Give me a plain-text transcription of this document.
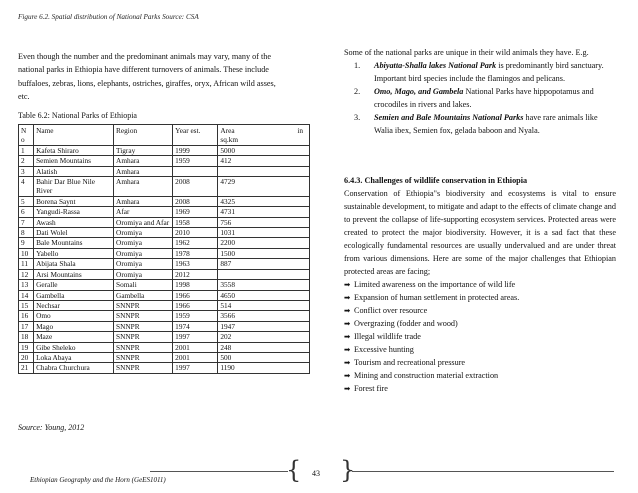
Figure 6.2. Spatial distribution of National Parks Source: CSA

Even though the number and the predominant animals may vary, many of the national parks in Ethiopia have different turnovers of animals. These include buffaloes, zebras, lions, elephants, ostriches, giraffes, oryx, African wild asses, etc.

Table 6.2: National Parks of Ethiopia
N o	Name	Region	Year est.	Area in
sq.km

1	Kafeta Shiraro	Tigray	1999	5000
2	Semien Mountains	Amhara	1959	412
3	Alatish	Amhara		
4	Bahir Dar Blue Nile River	Amhara	2008	4729
5	Borena Saynt	Amhara	2008	4325
6	Yangudi-Rassa	Afar	1969	4731
7	Awash	Oromiya and Afar	1958	756
8	Dati Wolel	Oromiya	2010	1031
9	Bale Mountains	Oromiya	1962	2200
10	Yabello	Oromiya	1978	1500
11	Abijata Shala	Oromiya	1963	887
12	Arsi Mountains	Oromiya	2012	
13	Geralle	Somali	1998	3558
14	Gambella	Gambella	1966	4650
15	Nechsar	SNNPR	1966	514
16	Omo	SNNPR	1959	3566
17	Mago	SNNPR	1974	1947
18	Maze	SNNPR	1997	202
19	Gibe Sheleko	SNNPR	2001	248
20	Loka Abaya	SNNPR	2001	500
21	Chabra Churchura	SNNPR	1997	1190
Source: Young, 2012

Some of the national parks are unique in their wild animals they have. E.g.

1.	Abiyatta-Shalla lakes National Park is predominantly bird sanctuary. Important bird species include the flamingos and pelicans.
2.	Omo, Mago, and Gambela National Parks have hippopotamus and crocodiles in rivers and lakes.
3.	Semien and Bale Mountains National Parks have rare animals like Walia ibex, Semien fox, gelada baboon and Nyala.
6.4.3. Challenges of wildlife conservation in Ethiopia

Conservation of Ethiopia"s biodiversity and ecosystems is vital to ensure sustainable development, to mitigate and adapt to the effects of climate change and to prevent the collapse of life-supporting ecosystem services. Protected areas were created to protect the major biodiversity. However, it is a sad fact that these ecologically fundamental resources are usually undervalued and are under threat from various dimensions. Here are some of the major challenges that Ethiopian protected areas are facing;

➡ Limited awareness on the importance of wild life
➡ Expansion of human settlement in protected areas.
➡ Conflict over resource
➡ Overgrazing (fodder and wood)
➡ Illegal wildlife trade
➡ Excessive hunting
➡ Tourism and recreational pressure
➡ Mining and construction material extraction
➡ Forest fire
Ethiopian Geography and the Horn (GeES1011)	{ 43 }
